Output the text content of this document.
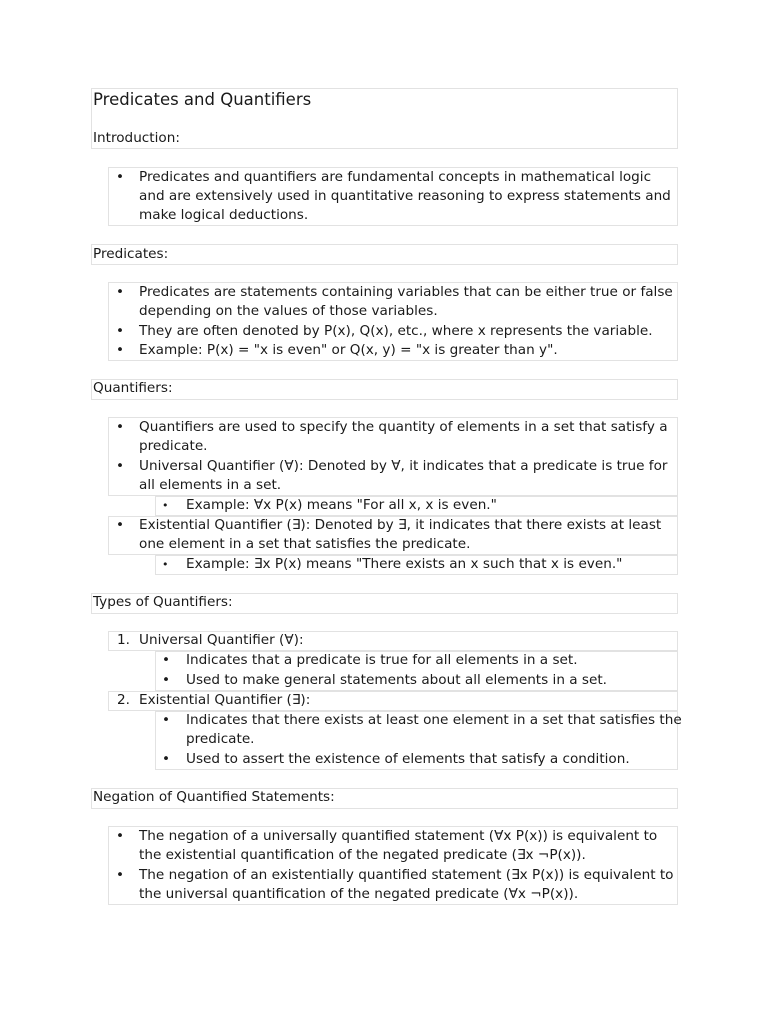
Predicates and Quantifiers
Introduction:
• Predicates and quantifiers are fundamental concepts in mathematical logic
and are extensively used in quantitative reasoning to express statements and
make logical deductions.
Predicates:
• Predicates are statements containing variables that can be either true or false
depending on the values of those variables.
• They are often denoted by P(x), Q(x), etc., where x represents the variable.
• Example: P(x) = "x is even" or Q(x, y) = "x is greater than y".
Quantifiers:
• Quantifiers are used to specify the quantity of elements in a set that satisfy a
predicate.
• Universal Quantifier (∀): Denoted by ∀, it indicates that a predicate is true for
all elements in a set.
• Example: ∀x P(x) means "For all x, x is even."
• Existential Quantifier (∃): Denoted by ∃, it indicates that there exists at least
one element in a set that satisfies the predicate.
• Example: ∃x P(x) means "There exists an x such that x is even."
Types of Quantifiers:
1. Universal Quantifier (∀):
• Indicates that a predicate is true for all elements in a set.
• Used to make general statements about all elements in a set.
2. Existential Quantifier (∃):
• Indicates that there exists at least one element in a set that satisfies the
predicate.
• Used to assert the existence of elements that satisfy a condition.
Negation of Quantified Statements:
• The negation of a universally quantified statement (∀x P(x)) is equivalent to
the existential quantification of the negated predicate (∃x ¬P(x)).
• The negation of an existentially quantified statement (∃x P(x)) is equivalent to
the universal quantification of the negated predicate (∀x ¬P(x)).
